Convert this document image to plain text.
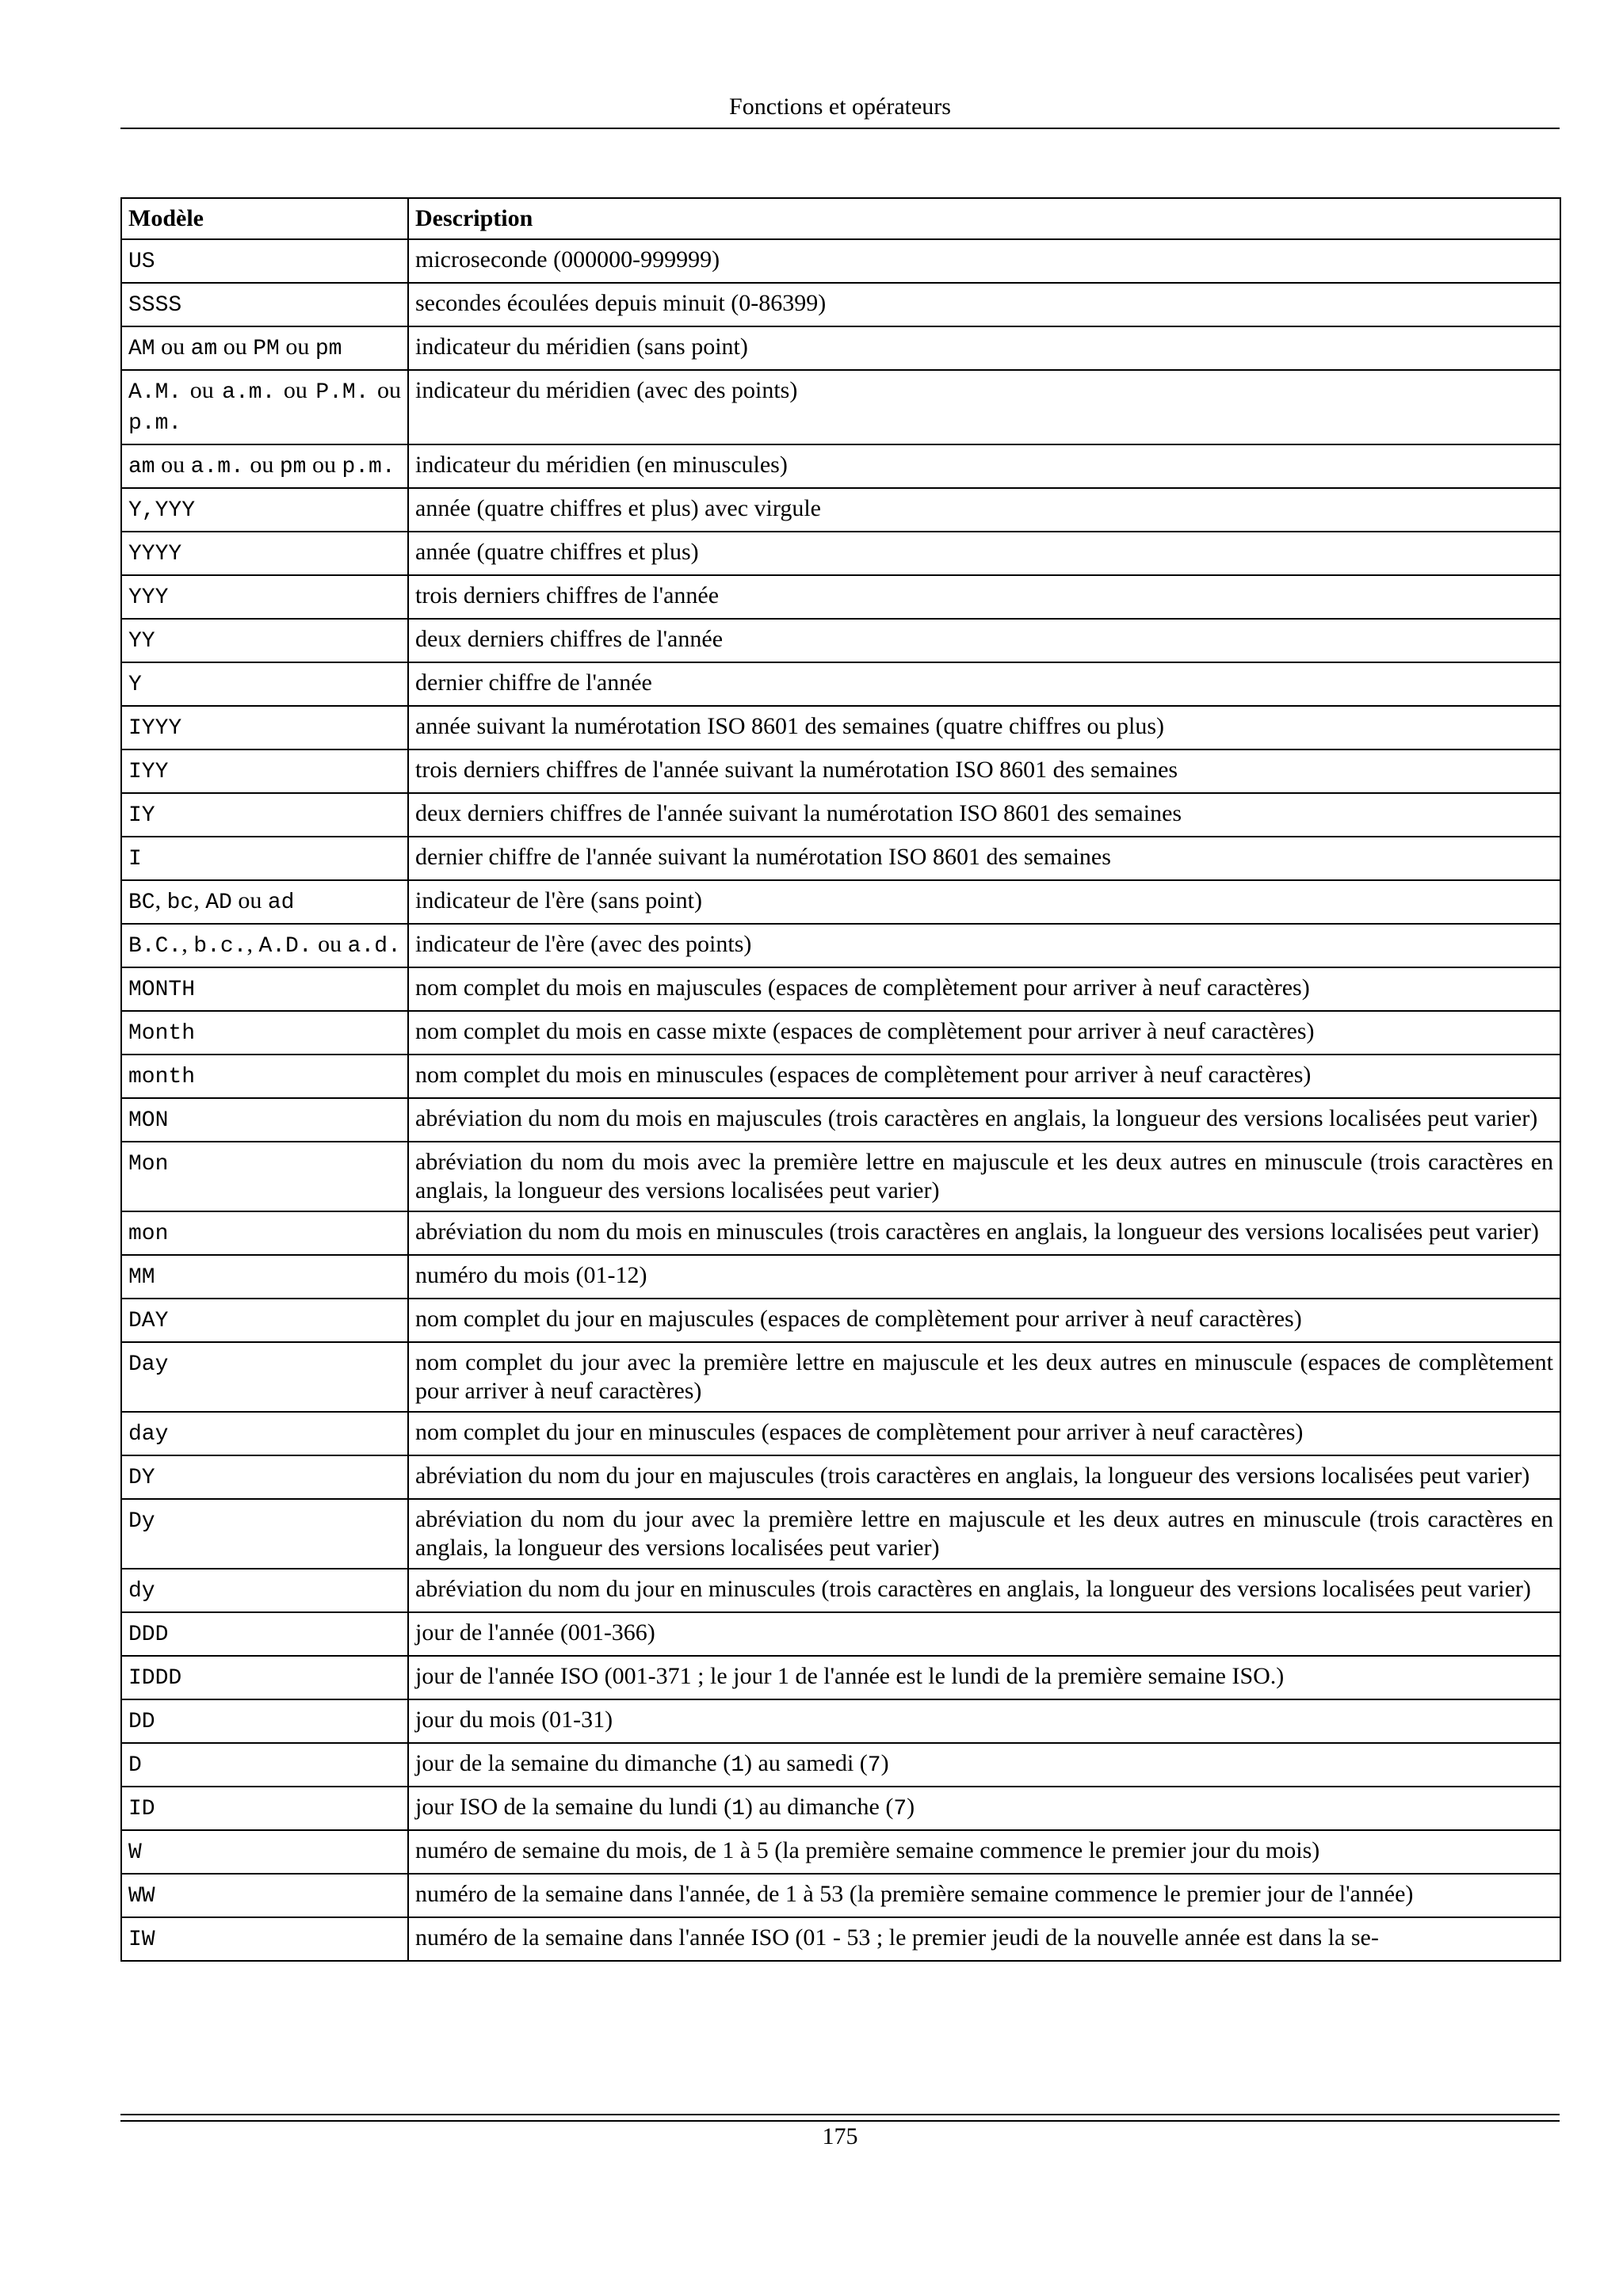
Fonctions et opérateurs
Modèle	Description
US	microseconde (000000-999999)
SSSS	secondes écoulées depuis minuit (0-86399)
AM ou am ou PM ou pm	indicateur du méridien (sans point)
A.M. ou a.m. ou P.M. ou p.m.	indicateur du méridien (avec des points)
am ou a.m. ou pm ou p.m.	indicateur du méridien (en minuscules)
Y,YYY	année (quatre chiffres et plus) avec virgule
YYYY	année (quatre chiffres et plus)
YYY	trois derniers chiffres de l'année
YY	deux derniers chiffres de l'année
Y	dernier chiffre de l'année
IYYY	année suivant la numérotation ISO 8601 des semaines (quatre chiffres ou plus)
IYY	trois derniers chiffres de l'année suivant la numérotation ISO 8601 des semaines
IY	deux derniers chiffres de l'année suivant la numérotation ISO 8601 des semaines
I	dernier chiffre de l'année suivant la numérotation ISO 8601 des semaines
BC, bc, AD ou ad	indicateur de l'ère (sans point)
B.C., b.c., A.D. ou a.d.	indicateur de l'ère (avec des points)
MONTH	nom complet du mois en majuscules (espaces de complètement pour arriver à neuf caractères)
Month	nom complet du mois en casse mixte (espaces de complètement pour arriver à neuf caractères)
month	nom complet du mois en minuscules (espaces de complètement pour arriver à neuf caractères)
MON	abréviation du nom du mois en majuscules (trois caractères en anglais, la longueur des versions localisées peut varier)
Mon	abréviation du nom du mois avec la première lettre en majuscule et les deux autres en minuscule (trois caractères en anglais, la longueur des versions localisées peut varier)
mon	abréviation du nom du mois en minuscules (trois caractères en anglais, la longueur des versions localisées peut varier)
MM	numéro du mois (01-12)
DAY	nom complet du jour en majuscules (espaces de complètement pour arriver à neuf caractères)
Day	nom complet du jour avec la première lettre en majuscule et les deux autres en minuscule (espaces de complètement pour arriver à neuf caractères)
day	nom complet du jour en minuscules (espaces de complètement pour arriver à neuf caractères)
DY	abréviation du nom du jour en majuscules (trois caractères en anglais, la longueur des versions localisées peut varier)
Dy	abréviation du nom du jour avec la première lettre en majuscule et les deux autres en minuscule (trois caractères en anglais, la longueur des versions localisées peut varier)
dy	abréviation du nom du jour en minuscules (trois caractères en anglais, la longueur des versions localisées peut varier)
DDD	jour de l'année (001-366)
IDDD	jour de l'année ISO (001-371 ; le jour 1 de l'année est le lundi de la première semaine ISO.)
DD	jour du mois (01-31)
D	jour de la semaine du dimanche (1) au samedi (7)
ID	jour ISO de la semaine du lundi (1) au dimanche (7)
W	numéro de semaine du mois, de 1 à 5 (la première semaine commence le premier jour du mois)
WW	numéro de la semaine dans l'année, de 1 à 53 (la première semaine commence le premier jour de l'année)
IW	numéro de la semaine dans l'année ISO (01 - 53 ; le premier jeudi de la nouvelle année est dans la se-
175
